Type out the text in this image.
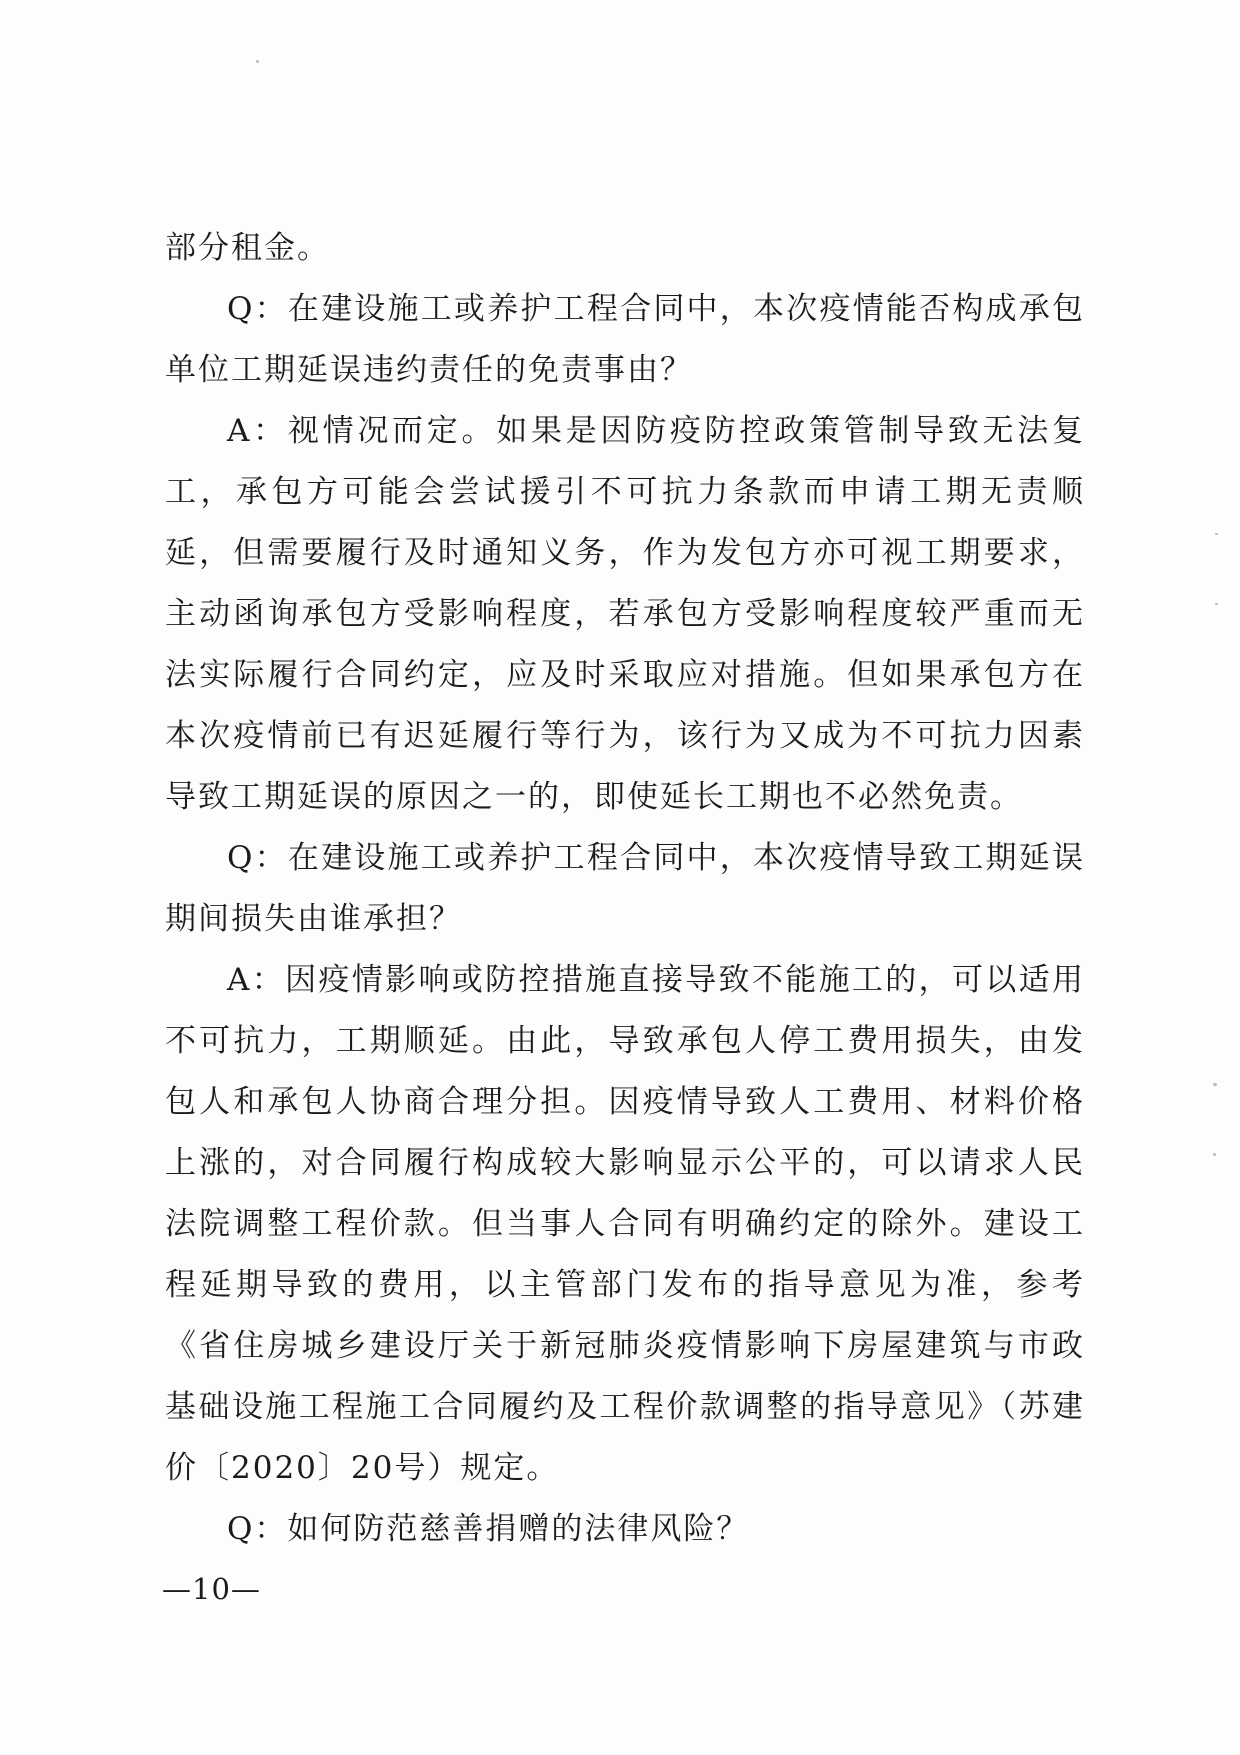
部分租金。

Q：在建设施工或养护工程合同中，本次疫情能否构成承包单位工期延误违约责任的免责事由？

A：视情况而定。如果是因防疫防控政策管制导致无法复工，承包方可能会尝试援引不可抗力条款而申请工期无责顺延，但需要履行及时通知义务，作为发包方亦可视工期要求，主动函询承包方受影响程度，若承包方受影响程度较严重而无法实际履行合同约定，应及时采取应对措施。但如果承包方在本次疫情前已有迟延履行等行为，该行为又成为不可抗力因素导致工期延误的原因之一的，即使延长工期也不必然免责。

Q：在建设施工或养护工程合同中，本次疫情导致工期延误期间损失由谁承担？

A：因疫情影响或防控措施直接导致不能施工的，可以适用不可抗力，工期顺延。由此，导致承包人停工费用损失，由发包人和承包人协商合理分担。因疫情导致人工费用、材料价格上涨的，对合同履行构成较大影响显示公平的，可以请求人民法院调整工程价款。但当事人合同有明确约定的除外。建设工程延期导致的费用，以主管部门发布的指导意见为准，参考《省住房城乡建设厅关于新冠肺炎疫情影响下房屋建筑与市政基础设施工程施工合同履约及工程价款调整的指导意见》（苏建价〔2020〕20号）规定。

Q：如何防范慈善捐赠的法律风险？

—10—
